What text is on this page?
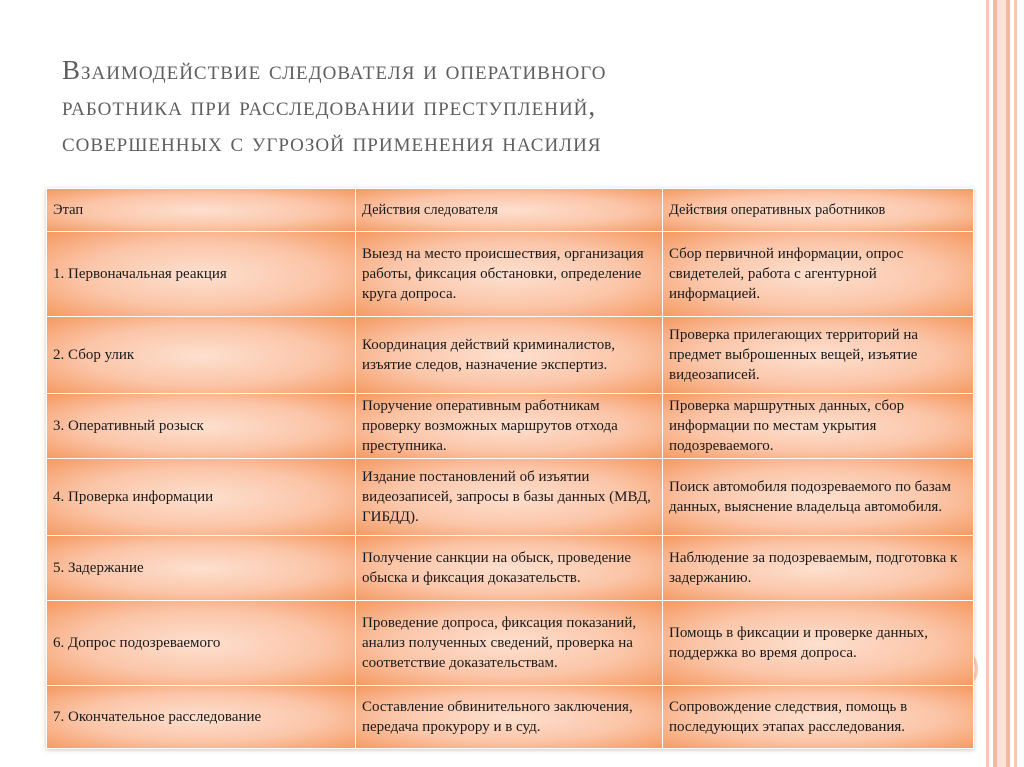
Взаимодействие следователя и оперативного
работника при расследовании преступлений,
совершенных с угрозой применения насилия
Этап	Действия следователя	Действия оперативных работников
1. Первоначальная реакция	Выезд на место происшествия, организация работы, фиксация обстановки, определение круга допроса.	Сбор первичной информации, опрос свидетелей, работа с агентурной информацией.
2. Сбор улик	Координация действий криминалистов, изъятие следов, назначение экспертиз.	Проверка прилегающих территорий на предмет выброшенных вещей, изъятие видеозаписей.
3. Оперативный розыск	Поручение оперативным работникам проверку возможных маршрутов отхода преступника.	Проверка маршрутных данных, сбор информации по местам укрытия подозреваемого.
4. Проверка информации	Издание постановлений об изъятии видеозаписей, запросы в базы данных (МВД, ГИБДД).	Поиск автомобиля подозреваемого по базам данных, выяснение владельца автомобиля.
5. Задержание	Получение санкции на обыск, проведение обыска и фиксация доказательств.	Наблюдение за подозреваемым, подготовка к задержанию.
6. Допрос подозреваемого	Проведение допроса, фиксация показаний, анализ полученных сведений, проверка на соответствие доказательствам.	Помощь в фиксации и проверке данных, поддержка во время допроса.
7. Окончательное расследование	Составление обвинительного заключения, передача прокурору и в суд.	Сопровождение следствия, помощь в последующих этапах расследования.
